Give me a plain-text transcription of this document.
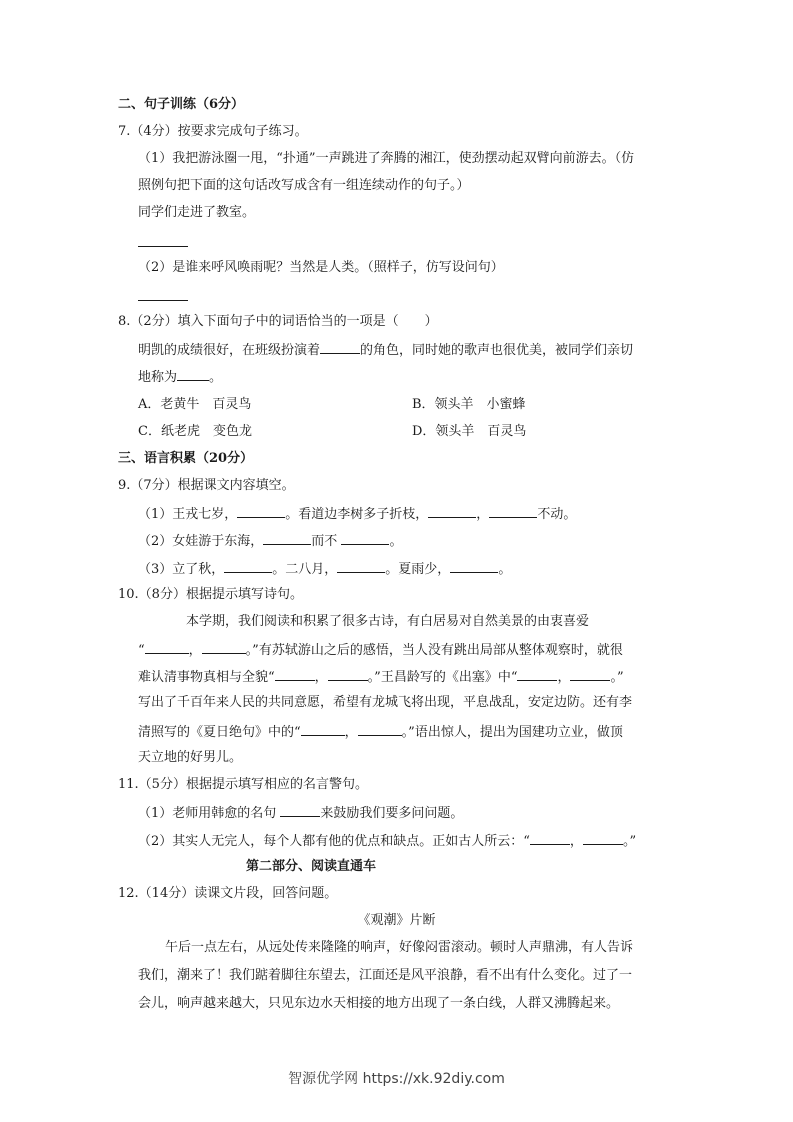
二、句子训练（6分）
7.（4分）按要求完成句子练习。
（1）我把游泳圈一甩，“扑通”一声跳进了奔腾的湘江，使劲摆动起双臂向前游去。（仿
照例句把下面的这句话改写成含有一组连续动作的句子。）
同学们走进了教室。
（2）是谁来呼风唤雨呢？当然是人类。（照样子，仿写设问句）
8.（2分）填入下面句子中的词语恰当的一项是（　　）
明凯的成绩很好，在班级扮演着	的角色，同时她的歌声也很优美，被同学们亲切
地称为 。
A．老黄牛　百灵鸟	B．领头羊　小蜜蜂
C．纸老虎　变色龙	D．领头羊　百灵鸟
三、语言积累（20分）
9.（7分）根据课文内容填空。
（1）王戎七岁，	。看道边李树多子折枝，	，	不动。
（2）女娃游于东海，	而不	。
（3）立了秋，	。二八月，	。夏雨少，	。
10.（8分）根据提示填写诗句。
本学期，我们阅读和积累了很多古诗，有白居易对自然美景的由衷喜爱
“	，	。”有苏轼游山之后的感悟，当人没有跳出局部从整体观察时，就很
难认清事物真相与全貌“	，	。”王昌龄写的《出塞》中“	，	。”
写出了千百年来人民的共同意愿，希望有龙城飞将出现，平息战乱，安定边防。还有李
清照写的《夏日绝句》中的“	，	。”语出惊人，提出为国建功立业，做顶
天立地的好男儿。
11.（5分）根据提示填写相应的名言警句。
（1）老师用韩愈的名句	来鼓励我们要多问问题。
（2）其实人无完人，每个人都有他的优点和缺点。正如古人所云：“	，	。”
第二部分、阅读直通车
12.（14分）读课文片段，回答问题。
《观潮》片断
午后一点左右，从远处传来隆隆的响声，好像闷雷滚动。顿时人声鼎沸，有人告诉
我们，潮来了！我们踮着脚往东望去，江面还是风平浪静，看不出有什么变化。过了一
会儿，响声越来越大，只见东边水天相接的地方出现了一条白线，人群又沸腾起来。
智源优学网 https://xk.92diy.com
